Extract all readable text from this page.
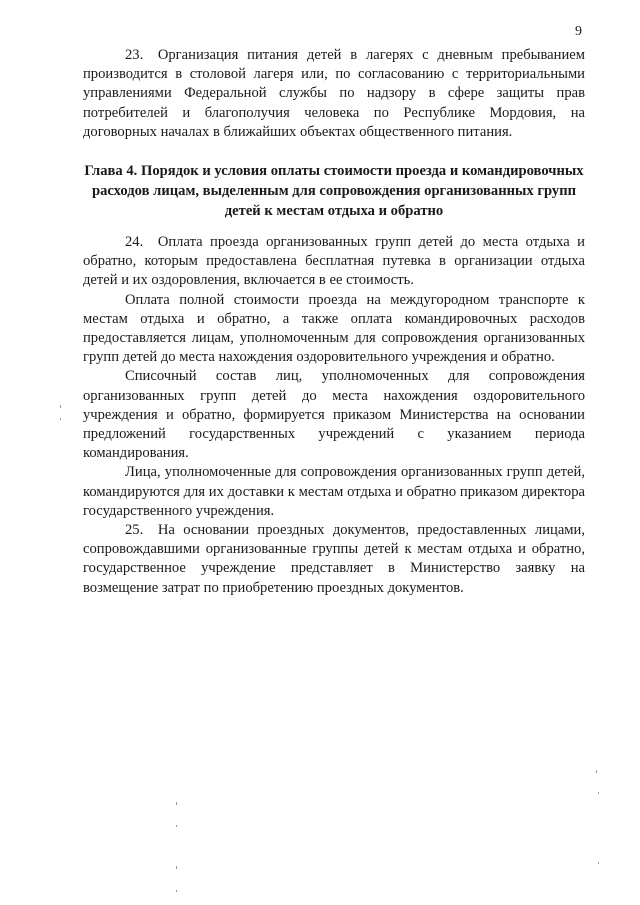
9

23. Организация питания детей в лагерях с дневным пребыванием производится в столовой лагеря или, по согласованию с территориальными управлениями Федеральной службы по надзору в сфере защиты прав потребителей и благополучия человека по Республике Мордовия, на договорных началах в ближайших объектах общественного питания.

Глава 4. Порядок и условия оплаты стоимости проезда и командировочных расходов лицам, выделенным для сопровождения организованных групп детей к местам отдыха и обратно

24. Оплата проезда организованных групп детей до места отдыха и обратно, которым предоставлена бесплатная путевка в организации отдыха детей и их оздоровления, включается в ее стоимость.

Оплата полной стоимости проезда на междугородном транспорте к местам отдыха и обратно, а также оплата командировочных расходов предоставляется лицам, уполномоченным для сопровождения организованных групп детей до места нахождения оздоровительного учреждения и обратно.

Списочный состав лиц, уполномоченных для сопровождения организованных групп детей до места нахождения оздоровительного учреждения и обратно, формируется приказом Министерства на основании предложений государственных учреждений с указанием периода командирования.

Лица, уполномоченные для сопровождения организованных групп детей, командируются для их доставки к местам отдыха и обратно приказом директора государственного учреждения.

25. На основании проездных документов, предоставленных лицами, сопровождавшими организованные группы детей к местам отдыха и обратно, государственное учреждение представляет в Министерство заявку на возмещение затрат по приобретению проездных документов.
